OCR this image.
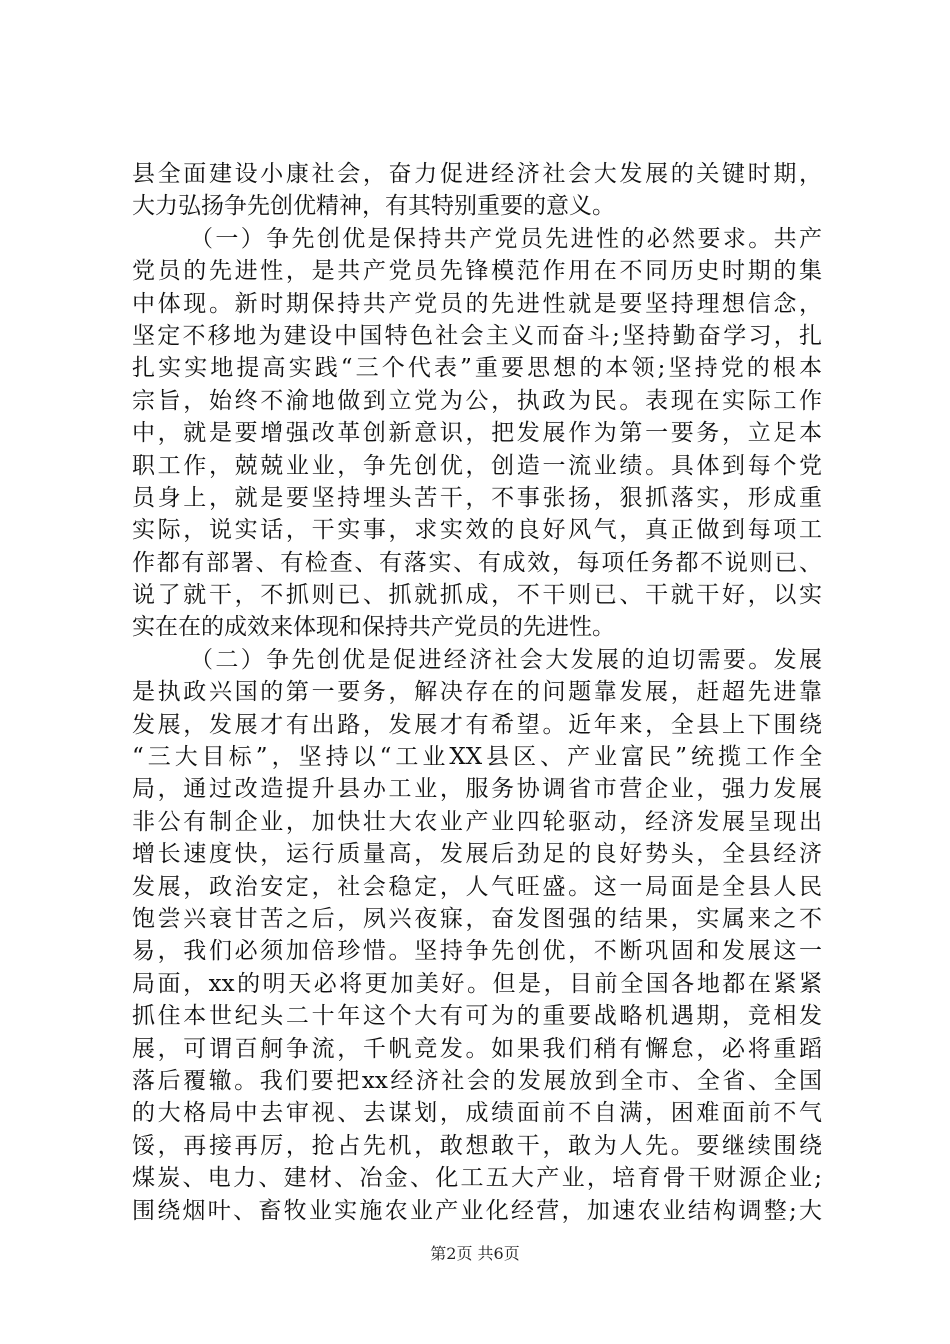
县全面建设小康社会，奋力促进经济社会大发展的关键时期，
大力弘扬争先创优精神，有其特别重要的意义。
（一）争先创优是保持共产党员先进性的必然要求。共产
党员的先进性，是共产党员先锋模范作用在不同历史时期的集
中体现。新时期保持共产党员的先进性就是要坚持理想信念，
坚定不移地为建设中国特色社会主义而奋斗;坚持勤奋学习，扎
扎实实地提高实践“三个代表”重要思想的本领;坚持党的根本
宗旨，始终不渝地做到立党为公，执政为民。表现在实际工作
中，就是要增强改革创新意识，把发展作为第一要务，立足本
职工作，兢兢业业，争先创优，创造一流业绩。具体到每个党
员身上，就是要坚持埋头苦干，不事张扬，狠抓落实，形成重
实际，说实话，干实事，求实效的良好风气，真正做到每项工
作都有部署、有检查、有落实、有成效，每项任务都不说则已、
说了就干，不抓则已、抓就抓成，不干则已、干就干好，以实
实在在的成效来体现和保持共产党员的先进性。
（二）争先创优是促进经济社会大发展的迫切需要。发展
是执政兴国的第一要务，解决存在的问题靠发展，赶超先进靠
发展，发展才有出路，发展才有希望。近年来，全县上下围绕
“三大目标”，坚持以“工业XX县区、产业富民”统揽工作全
局，通过改造提升县办工业，服务协调省市营企业，强力发展
非公有制企业，加快壮大农业产业四轮驱动，经济发展呈现出
增长速度快，运行质量高，发展后劲足的良好势头，全县经济
发展，政治安定，社会稳定，人气旺盛。这一局面是全县人民
饱尝兴衰甘苦之后，夙兴夜寐，奋发图强的结果，实属来之不
易，我们必须加倍珍惜。坚持争先创优，不断巩固和发展这一
局面，xx的明天必将更加美好。但是，目前全国各地都在紧紧
抓住本世纪头二十年这个大有可为的重要战略机遇期，竞相发
展，可谓百舸争流，千帆竞发。如果我们稍有懈怠，必将重蹈
落后覆辙。我们要把xx经济社会的发展放到全市、全省、全国
的大格局中去审视、去谋划，成绩面前不自满，困难面前不气
馁，再接再厉，抢占先机，敢想敢干，敢为人先。要继续围绕
煤炭、电力、建材、冶金、化工五大产业，培育骨干财源企业;
围绕烟叶、畜牧业实施农业产业化经营，加速农业结构调整;大
第2页 共6页
